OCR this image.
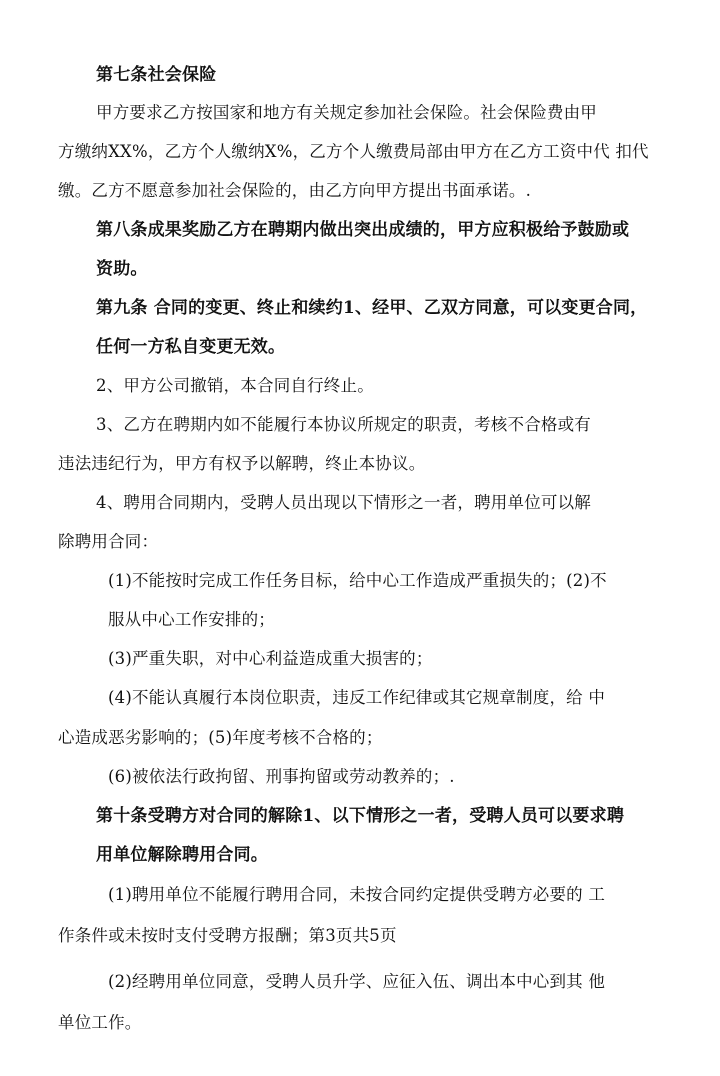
第七条社会保险
甲方要求乙方按国家和地方有关规定参加社会保险。社会保险费由甲
方缴纳XX%，乙方个人缴纳X%，乙方个人缴费局部由甲方在乙方工资中代 扣代
缴。乙方不愿意参加社会保险的，由乙方向甲方提出书面承诺。.
第八条成果奖励乙方在聘期内做出突出成绩的，甲方应积极给予鼓励或
资助。
第九条 合同的变更、终止和续约1、经甲、乙双方同意，可以变更合同，
任何一方私自变更无效。
2、甲方公司撤销，本合同自行终止。
3、乙方在聘期内如不能履行本协议所规定的职责，考核不合格或有
违法违纪行为，甲方有权予以解聘，终止本协议。
4、聘用合同期内，受聘人员出现以下情形之一者，聘用单位可以解
除聘用合同：
(1)不能按时完成工作任务目标，给中心工作造成严重损失的；(2)不
服从中心工作安排的；
(3)严重失职，对中心利益造成重大损害的；
(4)不能认真履行本岗位职责，违反工作纪律或其它规章制度，给 中
心造成恶劣影响的；(5)年度考核不合格的；
(6)被依法行政拘留、刑事拘留或劳动教养的；.
第十条受聘方对合同的解除1、以下情形之一者，受聘人员可以要求聘
用单位解除聘用合同。
(1)聘用单位不能履行聘用合同，未按合同约定提供受聘方必要的 工
作条件或未按时支付受聘方报酬；第3页共5页
(2)经聘用单位同意，受聘人员升学、应征入伍、调出本中心到其 他
单位工作。
